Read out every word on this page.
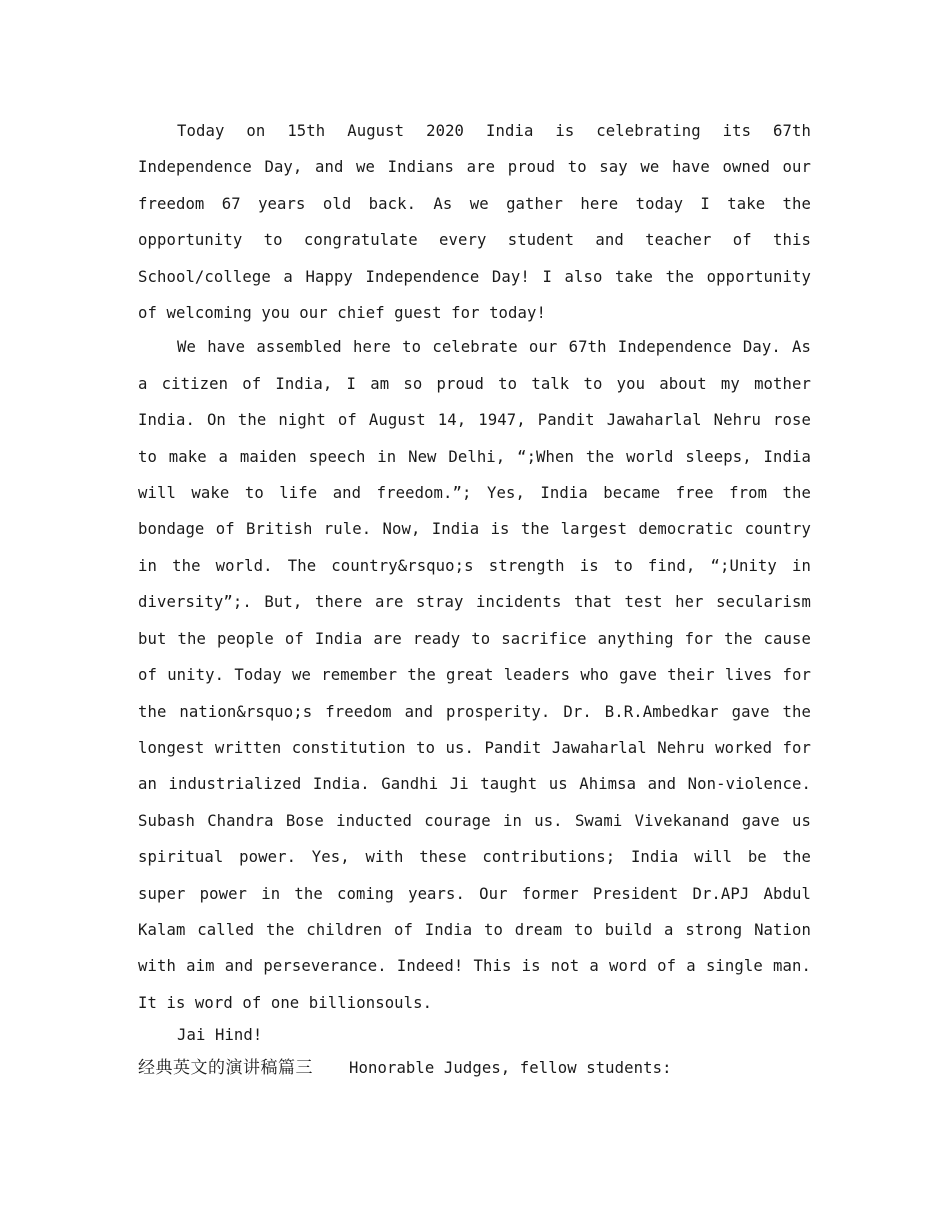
Today on 15th August 2020 India is celebrating its 67th Independence Day, and we Indians are proud to say we have owned our freedom 67 years old back. As we gather here today I take the opportunity to congratulate every student and teacher of this School/college a Happy Independence Day! I also take the opportunity of welcoming you our chief guest for today!

We have assembled here to celebrate our 67th Independence Day. As a citizen of India, I am so proud to talk to you about my mother India. On the night of August 14, 1947, Pandit Jawaharlal Nehru rose to make a maiden speech in New Delhi, “;When the world sleeps, India will wake to life and freedom.”; Yes, India became free from the bondage of British rule. Now, India is the largest democratic country in the world. The country&rsquo;s strength is to find, “;Unity in diversity”;. But, there are stray incidents that test her secularism but the people of India are ready to sacrifice anything for the cause of unity. Today we remember the great leaders who gave their lives for the nation&rsquo;s freedom and prosperity. Dr. B.R.Ambedkar gave the longest written constitution to us. Pandit Jawaharlal Nehru worked for an industrialized India. Gandhi Ji taught us Ahimsa and Non-violence. Subash Chandra Bose inducted courage in us. Swami Vivekanand gave us spiritual power. Yes, with these contributions; India will be the super power in the coming years. Our former President Dr.APJ Abdul Kalam called the children of India to dream to build a strong Nation with aim and perseverance. Indeed! This is not a word of a single man. It is word of one billionsouls.

Jai Hind!

经典英文的演讲稿篇三 Honorable Judges, fellow students:
